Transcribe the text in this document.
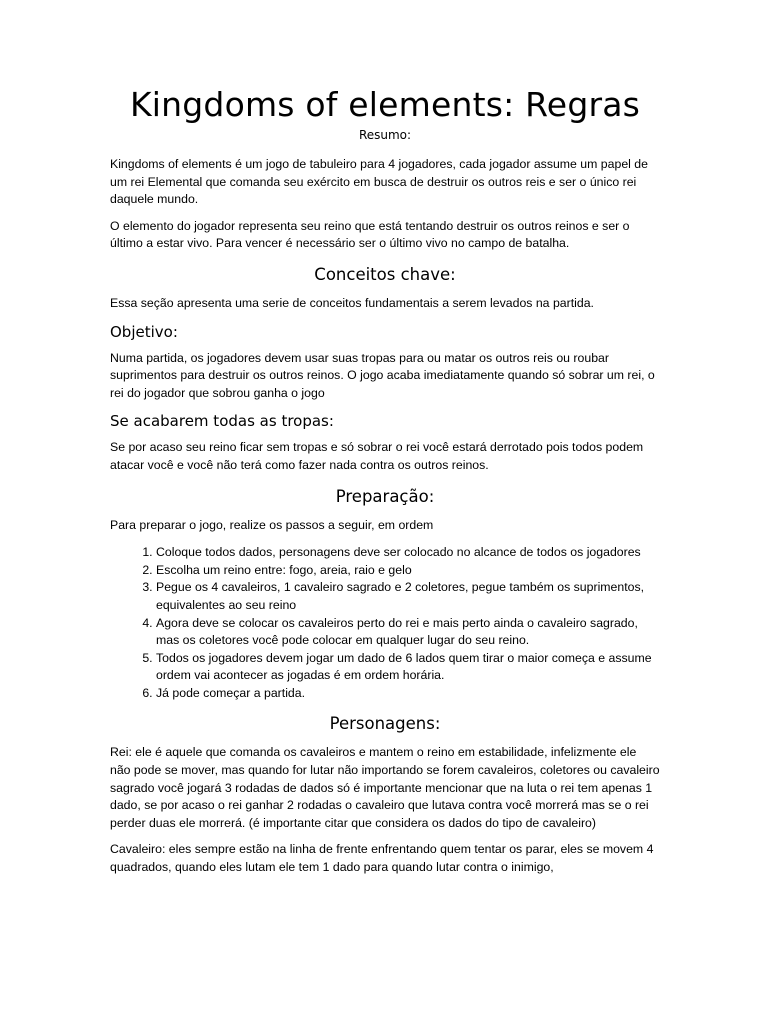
Kingdoms of elements: Regras
Resumo:

Kingdoms of elements é um jogo de tabuleiro para 4 jogadores, cada jogador assume um papel de um rei Elemental que comanda seu exército em busca de destruir os outros reis e ser o único rei daquele mundo.

O elemento do jogador representa seu reino que está tentando destruir os outros reinos e ser o último a estar vivo. Para vencer é necessário ser o último vivo no campo de batalha.

Conceitos chave:

Essa seção apresenta uma serie de conceitos fundamentais a serem levados na partida.

Objetivo:

Numa partida, os jogadores devem usar suas tropas para ou matar os outros reis ou roubar suprimentos para destruir os outros reinos. O jogo acaba imediatamente quando só sobrar um rei, o rei do jogador que sobrou ganha o jogo

Se acabarem todas as tropas:

Se por acaso seu reino ficar sem tropas e só sobrar o rei você estará derrotado pois todos podem atacar você e você não terá como fazer nada contra os outros reinos.

Preparação:

Para preparar o jogo, realize os passos a seguir, em ordem

1. Coloque todos dados, personagens deve ser colocado no alcance de todos os jogadores
2. Escolha um reino entre: fogo, areia, raio e gelo
3. Pegue os 4 cavaleiros, 1 cavaleiro sagrado e 2 coletores, pegue também os suprimentos, equivalentes ao seu reino
4. Agora deve se colocar os cavaleiros perto do rei e mais perto ainda o cavaleiro sagrado, mas os coletores você pode colocar em qualquer lugar do seu reino.
5. Todos os jogadores devem jogar um dado de 6 lados quem tirar o maior começa e assume ordem vai acontecer as jogadas é em ordem horária.
6. Já pode começar a partida.
Personagens:

Rei: ele é aquele que comanda os cavaleiros e mantem o reino em estabilidade, infelizmente ele não pode se mover, mas quando for lutar não importando se forem cavaleiros, coletores ou cavaleiro sagrado você jogará 3 rodadas de dados só é importante mencionar que na luta o rei tem apenas 1 dado, se por acaso o rei ganhar 2 rodadas o cavaleiro que lutava contra você morrerá mas se o rei perder duas ele morrerá. (é importante citar que considera os dados do tipo de cavaleiro)

Cavaleiro: eles sempre estão na linha de frente enfrentando quem tentar os parar, eles se movem 4 quadrados, quando eles lutam ele tem 1 dado para quando lutar contra o inimigo,
